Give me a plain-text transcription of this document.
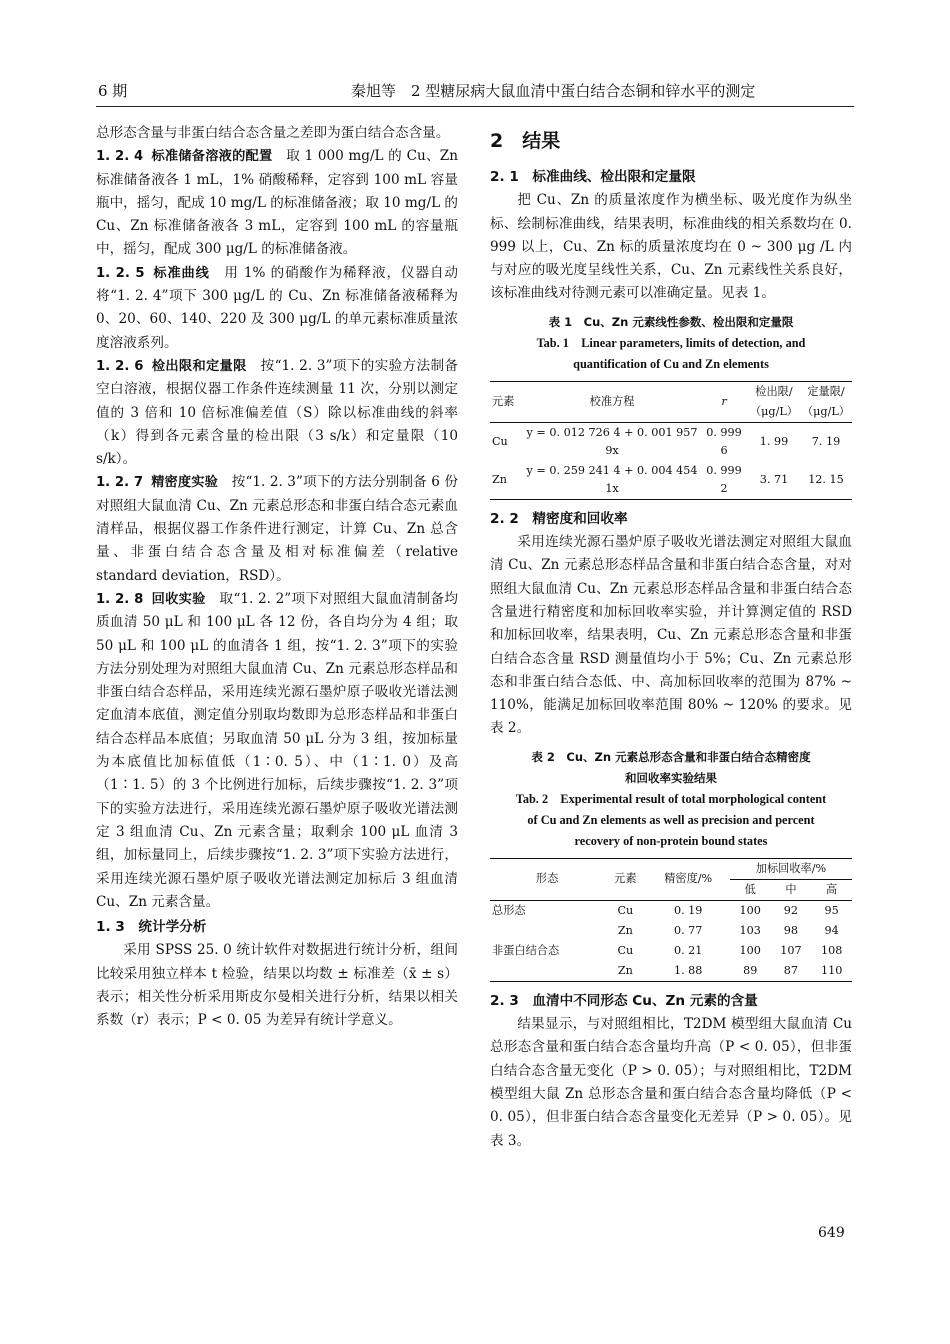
6 期	秦旭等　2 型糖尿病大鼠血清中蛋白结合态铜和锌水平的测定

总形态含量与非蛋白结合态含量之差即为蛋白结合态含量。

1. 2. 4 标准储备溶液的配置　 取 1 000 mg/L 的 Cu、Zn 标准储备液各 1 mL，1% 硝酸稀释，定容到 100 mL 容量瓶中，摇匀，配成 10 mg/L 的标准储备液；取 10 mg/L 的 Cu、Zn 标准储备液各 3 mL，定容到 100 mL 的容量瓶中，摇匀，配成 300 μg/L 的标准储备液。

1. 2. 5 标准曲线　 用 1% 的硝酸作为稀释液，仪器自动将“1. 2. 4”项下 300 μg/L 的 Cu、Zn 标准储备液稀释为 0、20、60、140、220 及 300 μg/L 的单元素标准质量浓度溶液系列。

1. 2. 6 检出限和定量限　 按“1. 2. 3”项下的实验方法制备空白溶液，根据仪器工作条件连续测量 11 次，分别以测定值的 3 倍和 10 倍标准偏差值（S）除以标准曲线的斜率（k）得到各元素含量的检出限（3 s/k）和定量限（10 s/k）。

1. 2. 7 精密度实验　 按“1. 2. 3”项下的方法分别制备 6 份对照组大鼠血清 Cu、Zn 元素总形态和非蛋白结合态元素血清样品，根据仪器工作条件进行测定，计算 Cu、Zn 总含量、非蛋白结合态含量及相对标准偏差（relative standard deviation，RSD）。

1. 2. 8 回收实验　 取“1. 2. 2”项下对照组大鼠血清制备均质血清 50 μL 和 100 μL 各 12 份，各自均分为 4 组；取 50 μL 和 100 μL 的血清各 1 组，按“1. 2. 3”项下的实验方法分别处理为对照组大鼠血清 Cu、Zn 元素总形态样品和非蛋白结合态样品，采用连续光源石墨炉原子吸收光谱法测定血清本底值，测定值分别取均数即为总形态样品和非蛋白结合态样品本底值；另取血清 50 μL 分为 3 组，按加标量为本底值比加标值低（1∶0. 5）、中（1∶1. 0）及高（1∶1. 5）的 3 个比例进行加标，后续步骤按“1. 2. 3”项下的实验方法进行，采用连续光源石墨炉原子吸收光谱法测定 3 组血清 Cu、Zn 元素含量；取剩余 100 μL 血清 3 组，加标量同上，后续步骤按“1. 2. 3”项下实验方法进行，采用连续光源石墨炉原子吸收光谱法测定加标后 3 组血清 Cu、Zn 元素含量。

1. 3　统计学分析

采用 SPSS 25. 0 统计软件对数据进行统计分析，组间比较采用独立样本 t 检验，结果以均数 ± 标准差（x̄ ± s）表示；相关性分析采用斯皮尔曼相关进行分析，结果以相关系数（r）表示；P < 0. 05 为差异有统计学意义。

2　结果

2. 1　标准曲线、检出限和定量限

把 Cu、Zn 的质量浓度作为横坐标、吸光度作为纵坐标、绘制标准曲线，结果表明，标准曲线的相关系数均在 0. 999 以上，Cu、Zn 标的质量浓度均在 0 ~ 300 μg /L 内与对应的吸光度呈线性关系，Cu、Zn 元素线性关系良好，该标准曲线对待测元素可以准确定量。见表 1。

表 1　Cu、Zn 元素线性参数、检出限和定量限
Tab. 1　Linear parameters, limits of detection, and
quantification of Cu and Zn elements
元素	校准方程	r	检出限/	定量限/
			（μg/L）	（μg/L）
Cu	y = 0. 012 726 4 + 0. 001 957 9x	0. 999 6	1. 99	7. 19
Zn	y = 0. 259 241 4 + 0. 004 454 1x	0. 999 2	3. 71	12. 15

2. 2　精密度和回收率

采用连续光源石墨炉原子吸收光谱法测定对照组大鼠血清 Cu、Zn 元素总形态样品含量和非蛋白结合态含量，对对照组大鼠血清 Cu、Zn 元素总形态样品含量和非蛋白结合态含量进行精密度和加标回收率实验，并计算测定值的 RSD 和加标回收率，结果表明，Cu、Zn 元素总形态含量和非蛋白结合态含量 RSD 测量值均小于 5%；Cu、Zn 元素总形态和非蛋白结合态低、中、高加标回收率的范围为 87% ~ 110%，能满足加标回收率范围 80% ~ 120% 的要求。见表 2。

表 2　Cu、Zn 元素总形态含量和非蛋白结合态精密度
和回收率实验结果
Tab. 2　Experimental result of total morphological content
of Cu and Zn elements as well as precision and percent
recovery of non-protein bound states
形态	元素	精密度/%	加标回收率/%		
			低	中	高
总形态	Cu	0. 19	100	92	95
	Zn	0. 77	103	98	94
非蛋白结合态	Cu	0. 21	100	107	108
	Zn	1. 88	89	87	110

2. 3　血清中不同形态 Cu、Zn 元素的含量

结果显示，与对照组相比，T2DM 模型组大鼠血清 Cu 总形态含量和蛋白结合态含量均升高（P < 0. 05），但非蛋白结合态含量无变化（P > 0. 05）；与对照组相比，T2DM 模型组大鼠 Zn 总形态含量和蛋白结合态含量均降低（P < 0. 05），但非蛋白结合态含量变化无差异（P > 0. 05）。见表 3。

649
